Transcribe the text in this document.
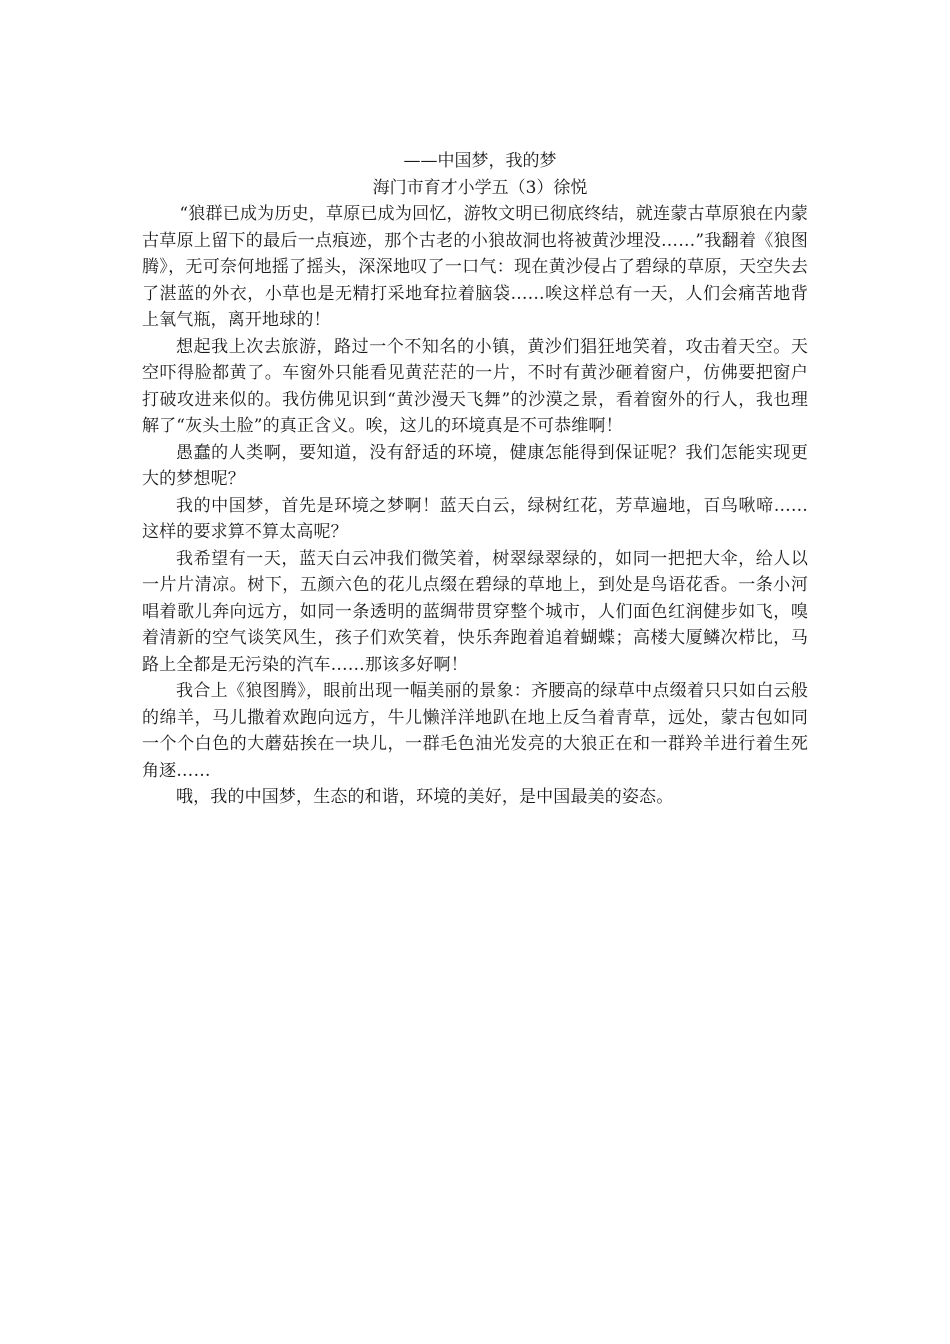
——中国梦，我的梦

海门市育才小学五（3）徐悦

“狼群已成为历史，草原已成为回忆，游牧文明已彻底终结，就连蒙古草原狼在内蒙古草原上留下的最后一点痕迹，那个古老的小狼故洞也将被黄沙埋没……”我翻着《狼图腾》，无可奈何地摇了摇头，深深地叹了一口气：现在黄沙侵占了碧绿的草原，天空失去了湛蓝的外衣，小草也是无精打采地耷拉着脑袋……唉这样总有一天，人们会痛苦地背上氧气瓶，离开地球的！

想起我上次去旅游，路过一个不知名的小镇，黄沙们猖狂地笑着，攻击着天空。天空吓得脸都黄了。车窗外只能看见黄茫茫的一片，不时有黄沙砸着窗户，仿佛要把窗户打破攻进来似的。我仿佛见识到“黄沙漫天飞舞”的沙漠之景，看着窗外的行人，我也理解了“灰头土脸”的真正含义。唉，这儿的环境真是不可恭维啊！

愚蠢的人类啊，要知道，没有舒适的环境，健康怎能得到保证呢？我们怎能实现更大的梦想呢？

我的中国梦，首先是环境之梦啊！蓝天白云，绿树红花，芳草遍地，百鸟啾啼……这样的要求算不算太高呢？

我希望有一天，蓝天白云冲我们微笑着，树翠绿翠绿的，如同一把把大伞，给人以一片片清凉。树下，五颜六色的花儿点缀在碧绿的草地上，到处是鸟语花香。一条小河唱着歌儿奔向远方，如同一条透明的蓝绸带贯穿整个城市，人们面色红润健步如飞，嗅着清新的空气谈笑风生，孩子们欢笑着，快乐奔跑着追着蝴蝶；高楼大厦鳞次栉比，马路上全都是无污染的汽车……那该多好啊！

我合上《狼图腾》，眼前出现一幅美丽的景象：齐腰高的绿草中点缀着只只如白云般的绵羊，马儿撒着欢跑向远方，牛儿懒洋洋地趴在地上反刍着青草，远处，蒙古包如同一个个白色的大蘑菇挨在一块儿，一群毛色油光发亮的大狼正在和一群羚羊进行着生死角逐……

哦，我的中国梦，生态的和谐，环境的美好，是中国最美的姿态。
